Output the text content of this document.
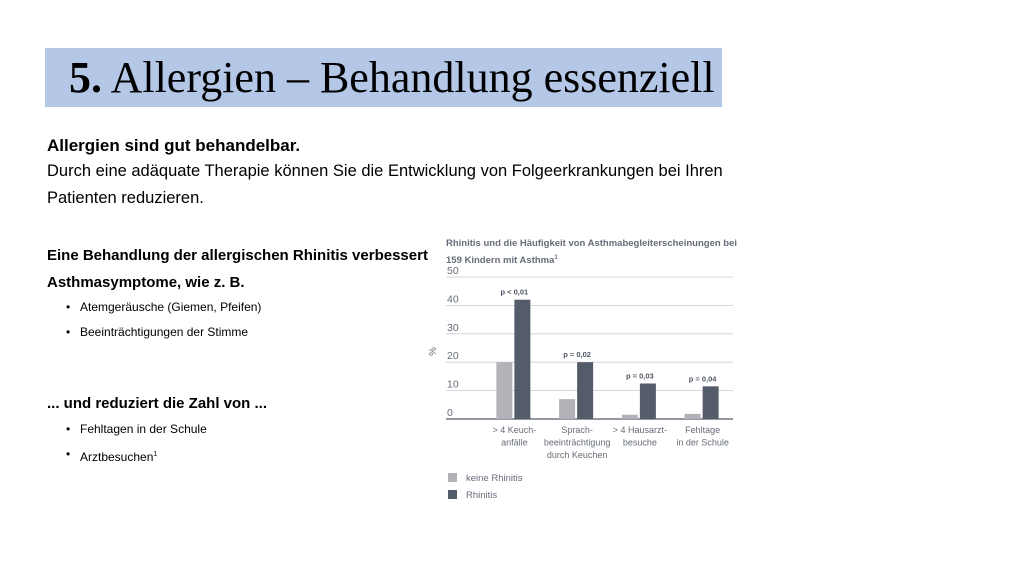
5. Allergien – Behandlung essenziell

Allergien sind gut behandelbar.

Durch eine adäquate Therapie können Sie die Entwicklung von Folgeerkrankungen bei Ihren Patienten reduzieren.

Eine Behandlung der allergischen Rhinitis verbessert Asthmasymptome, wie z. B.

• Atemgeräusche (Giemen, Pfeifen)
• Beeinträchtigungen der Stimme

... und reduziert die Zahl von ...

• Fehltagen in der Schule
• Arztbesuchen$^1$

Rhinitis und die Häufigkeit von Asthmabegleiterscheinungen bei 159 Kindern mit Asthma$^1$

0
10
20
30
40
50
%
p < 0,01
> 4 Keuch-
anfälle
p = 0,02
Sprach-
beeinträchtigung
durch Keuchen
p = 0,03
> 4 Hausarzt-
besuche
p = 0,04
Fehltage
in der Schule
keine Rhinitis
Rhinitis
